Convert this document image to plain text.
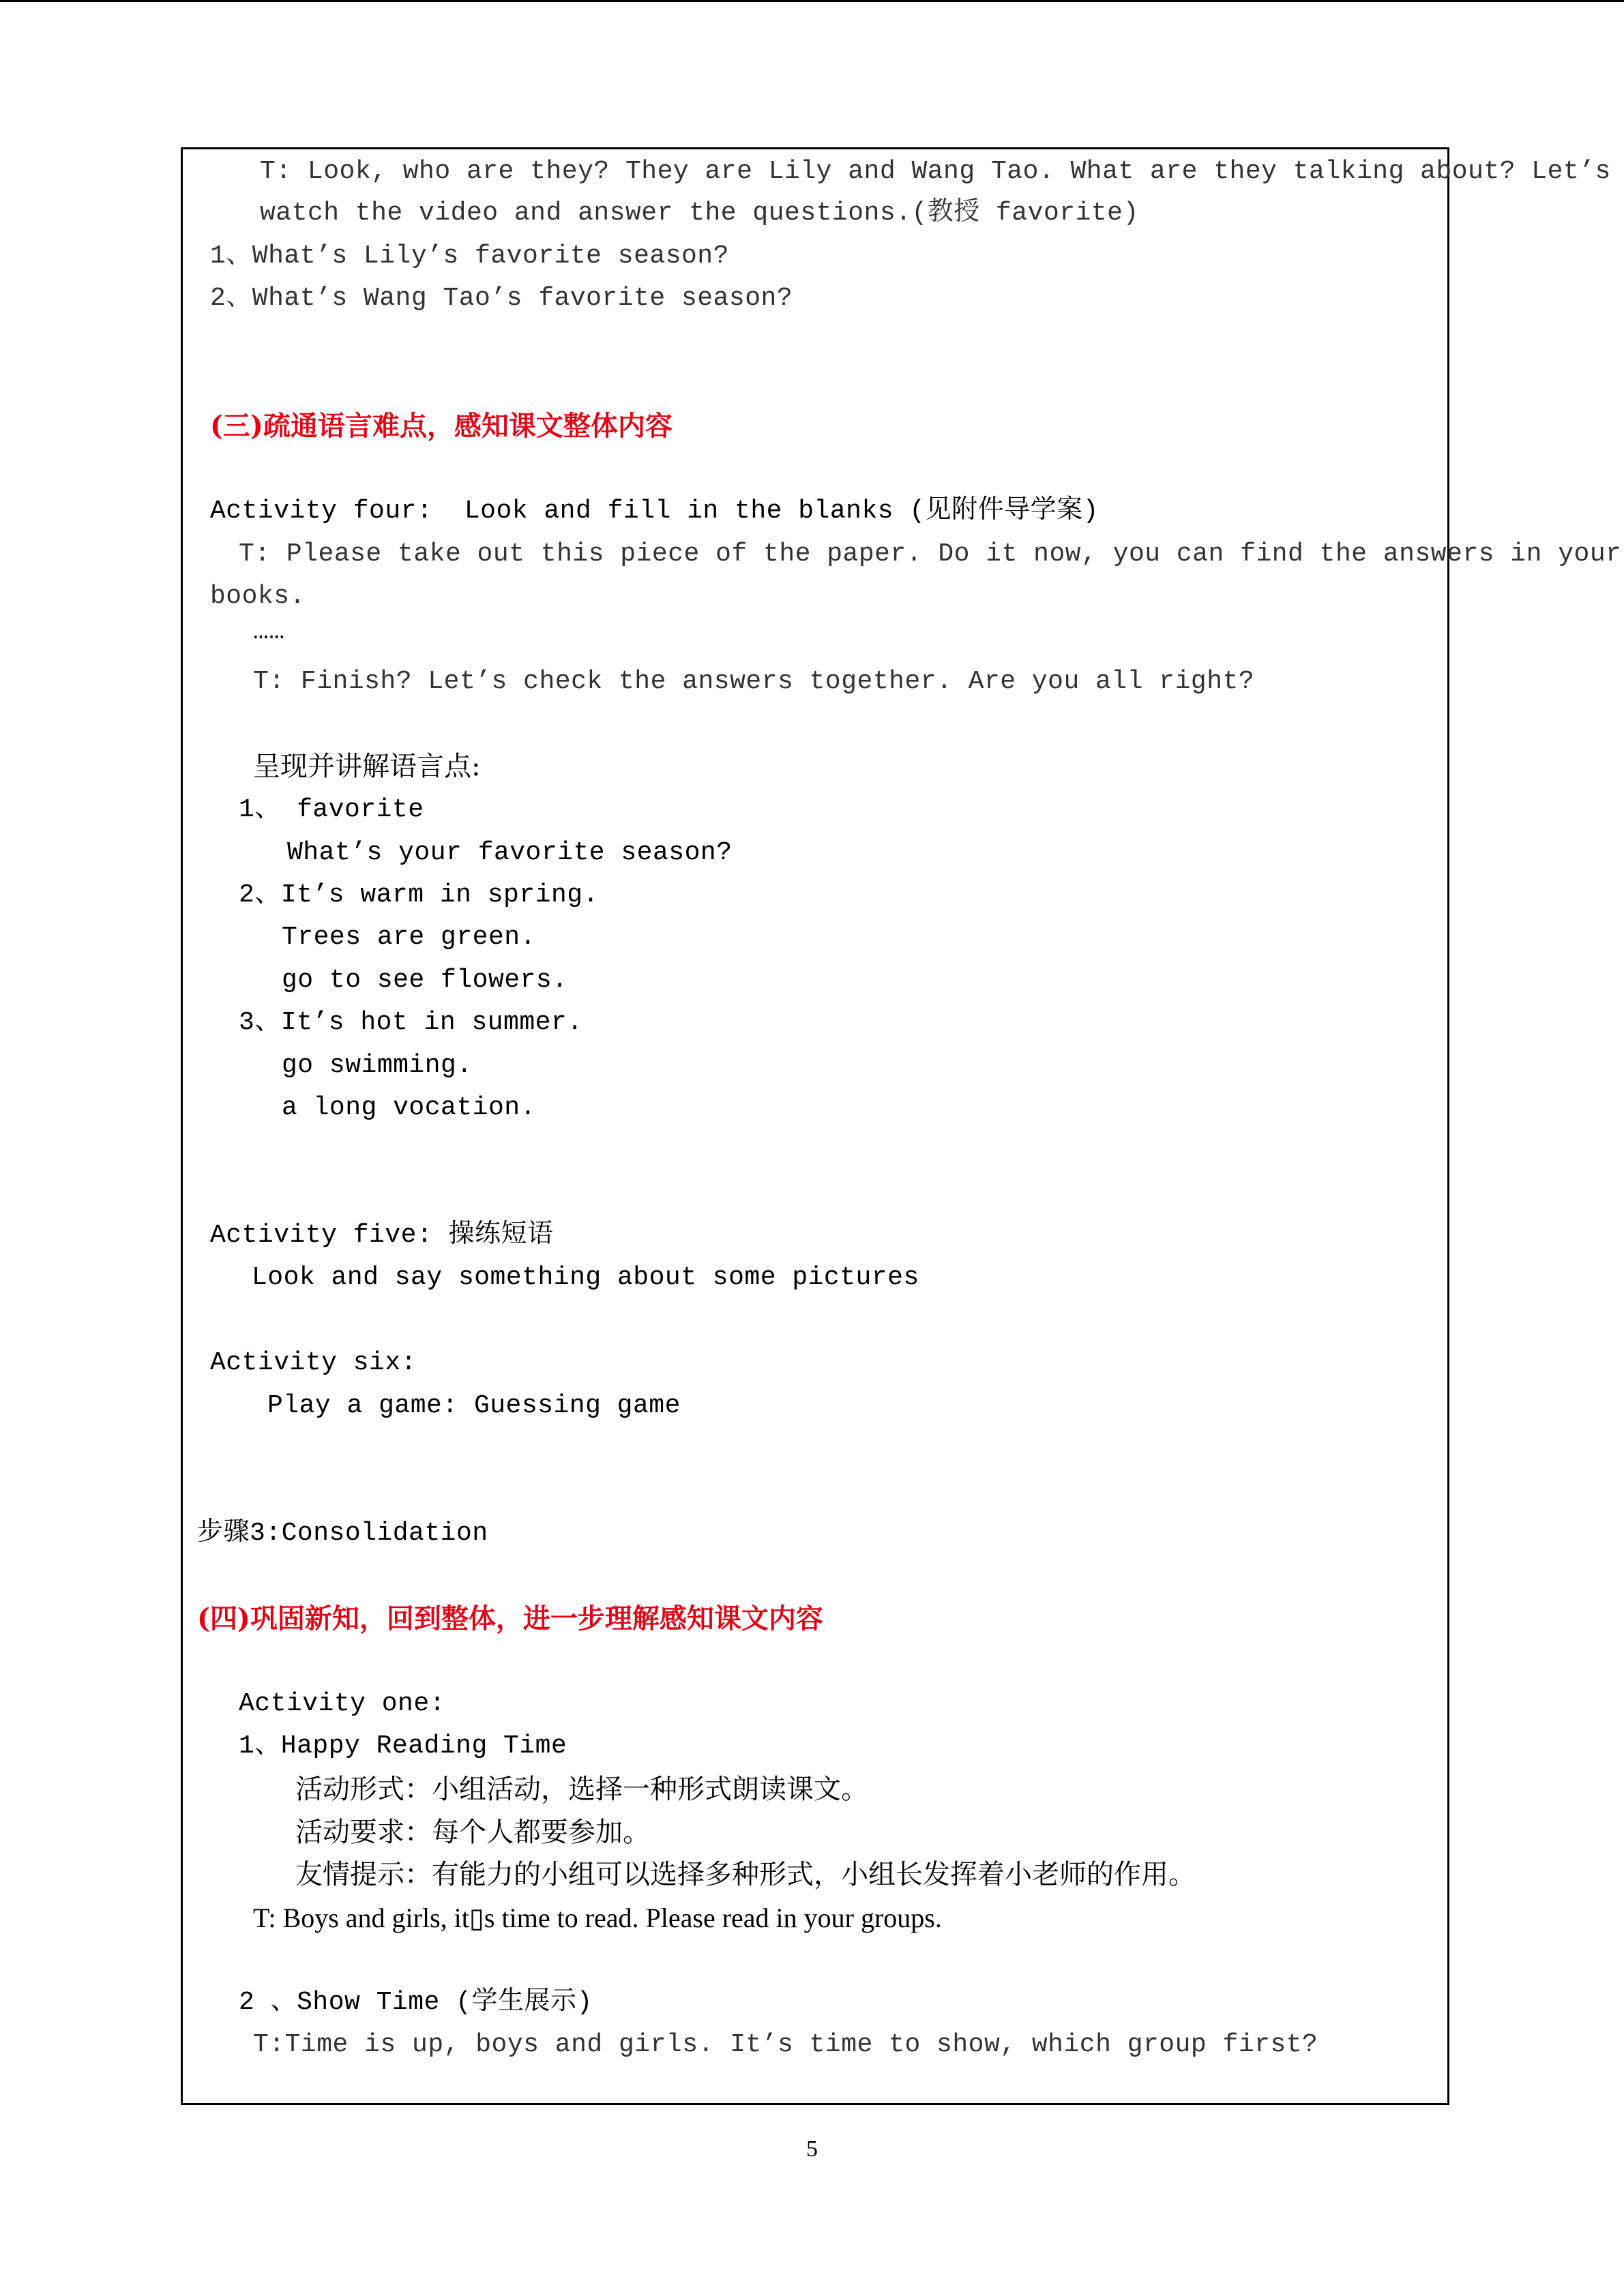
T: Look, who are they? They are Lily and Wang Tao. What are they talking about? Let’s
watch the video and answer the questions.(教授 favorite)
1、What’s Lily’s favorite season?
2、What’s Wang Tao’s favorite season?
(三)疏通语言难点，感知课文整体内容
Activity four:  Look and fill in the blanks (见附件导学案)
T: Please take out this piece of the paper. Do it now, you can find the answers in your
books.
……
T: Finish? Let’s check the answers together. Are you all right?
呈现并讲解语言点:
1、 favorite
What’s your favorite season?
2、It’s warm in spring.
Trees are green.
go to see flowers.
3、It’s hot in summer.
go swimming.
a long vocation.
Activity five: 操练短语
Look and say something about some pictures
Activity six:
Play a game: Guessing game
步骤3:Consolidation
(四)巩固新知，回到整体，进一步理解感知课文内容
Activity one:
1、Happy Reading Time
活动形式：小组活动，选择一种形式朗读课文。
活动要求：每个人都要参加。
友情提示：有能力的小组可以选择多种形式，小组长发挥着小老师的作用。
T: Boys and girls, it▯s time to read. Please read in your groups.
2 、Show Time (学生展示)
T:Time is up, boys and girls. It’s time to show, which group first?
5
